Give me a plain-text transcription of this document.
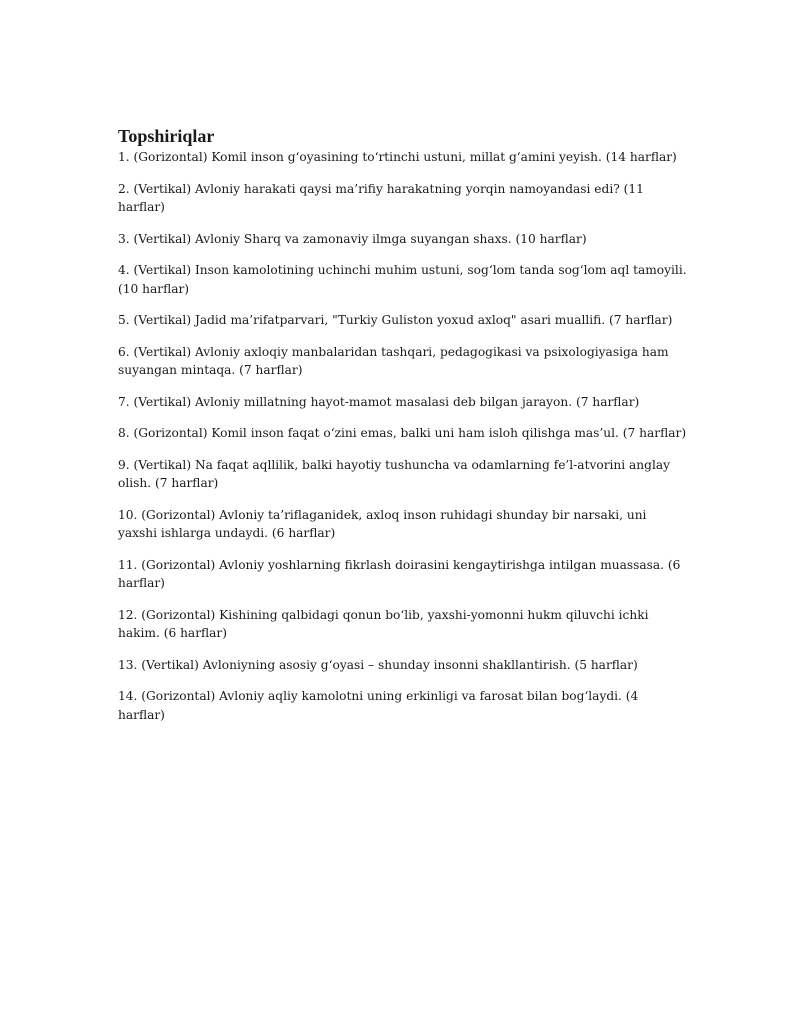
Topshiriqlar
1. (Gorizontal) Komil inson g‘oyasining to‘rtinchi ustuni, millat g‘amini yeyish. (14 harflar)
2. (Vertikal) Avloniy harakati qaysi ma’rifiy harakatning yorqin namoyandasi edi? (11 harflar)
3. (Vertikal) Avloniy Sharq va zamonaviy ilmga suyangan shaxs. (10 harflar)
4. (Vertikal) Inson kamolotining uchinchi muhim ustuni, sog‘lom tanda sog‘lom aql tamoyili. (10 harflar)
5. (Vertikal) Jadid ma’rifatparvari, "Turkiy Guliston yoxud axloq" asari muallifi. (7 harflar)
6. (Vertikal) Avloniy axloqiy manbalaridan tashqari, pedagogikasi va psixologiyasiga ham suyangan mintaqa. (7 harflar)
7. (Vertikal) Avloniy millatning hayot-mamot masalasi deb bilgan jarayon. (7 harflar)
8. (Gorizontal) Komil inson faqat o‘zini emas, balki uni ham isloh qilishga mas’ul. (7 harflar)
9. (Vertikal) Na faqat aqllilik, balki hayotiy tushuncha va odamlarning fe’l-atvorini anglay olish. (7 harflar)
10. (Gorizontal) Avloniy ta’riflaganidek, axloq inson ruhidagi shunday bir narsaki, uni yaxshi ishlarga undaydi. (6 harflar)
11. (Gorizontal) Avloniy yoshlarning fikrlash doirasini kengaytirishga intilgan muassasa. (6 harflar)
12. (Gorizontal) Kishining qalbidagi qonun bo‘lib, yaxshi-yomonni hukm qiluvchi ichki hakim. (6 harflar)
13. (Vertikal) Avloniyning asosiy g‘oyasi – shunday insonni shakllantirish. (5 harflar)
14. (Gorizontal) Avloniy aqliy kamolotni uning erkinligi va farosat bilan bog‘laydi. (4 harflar)
